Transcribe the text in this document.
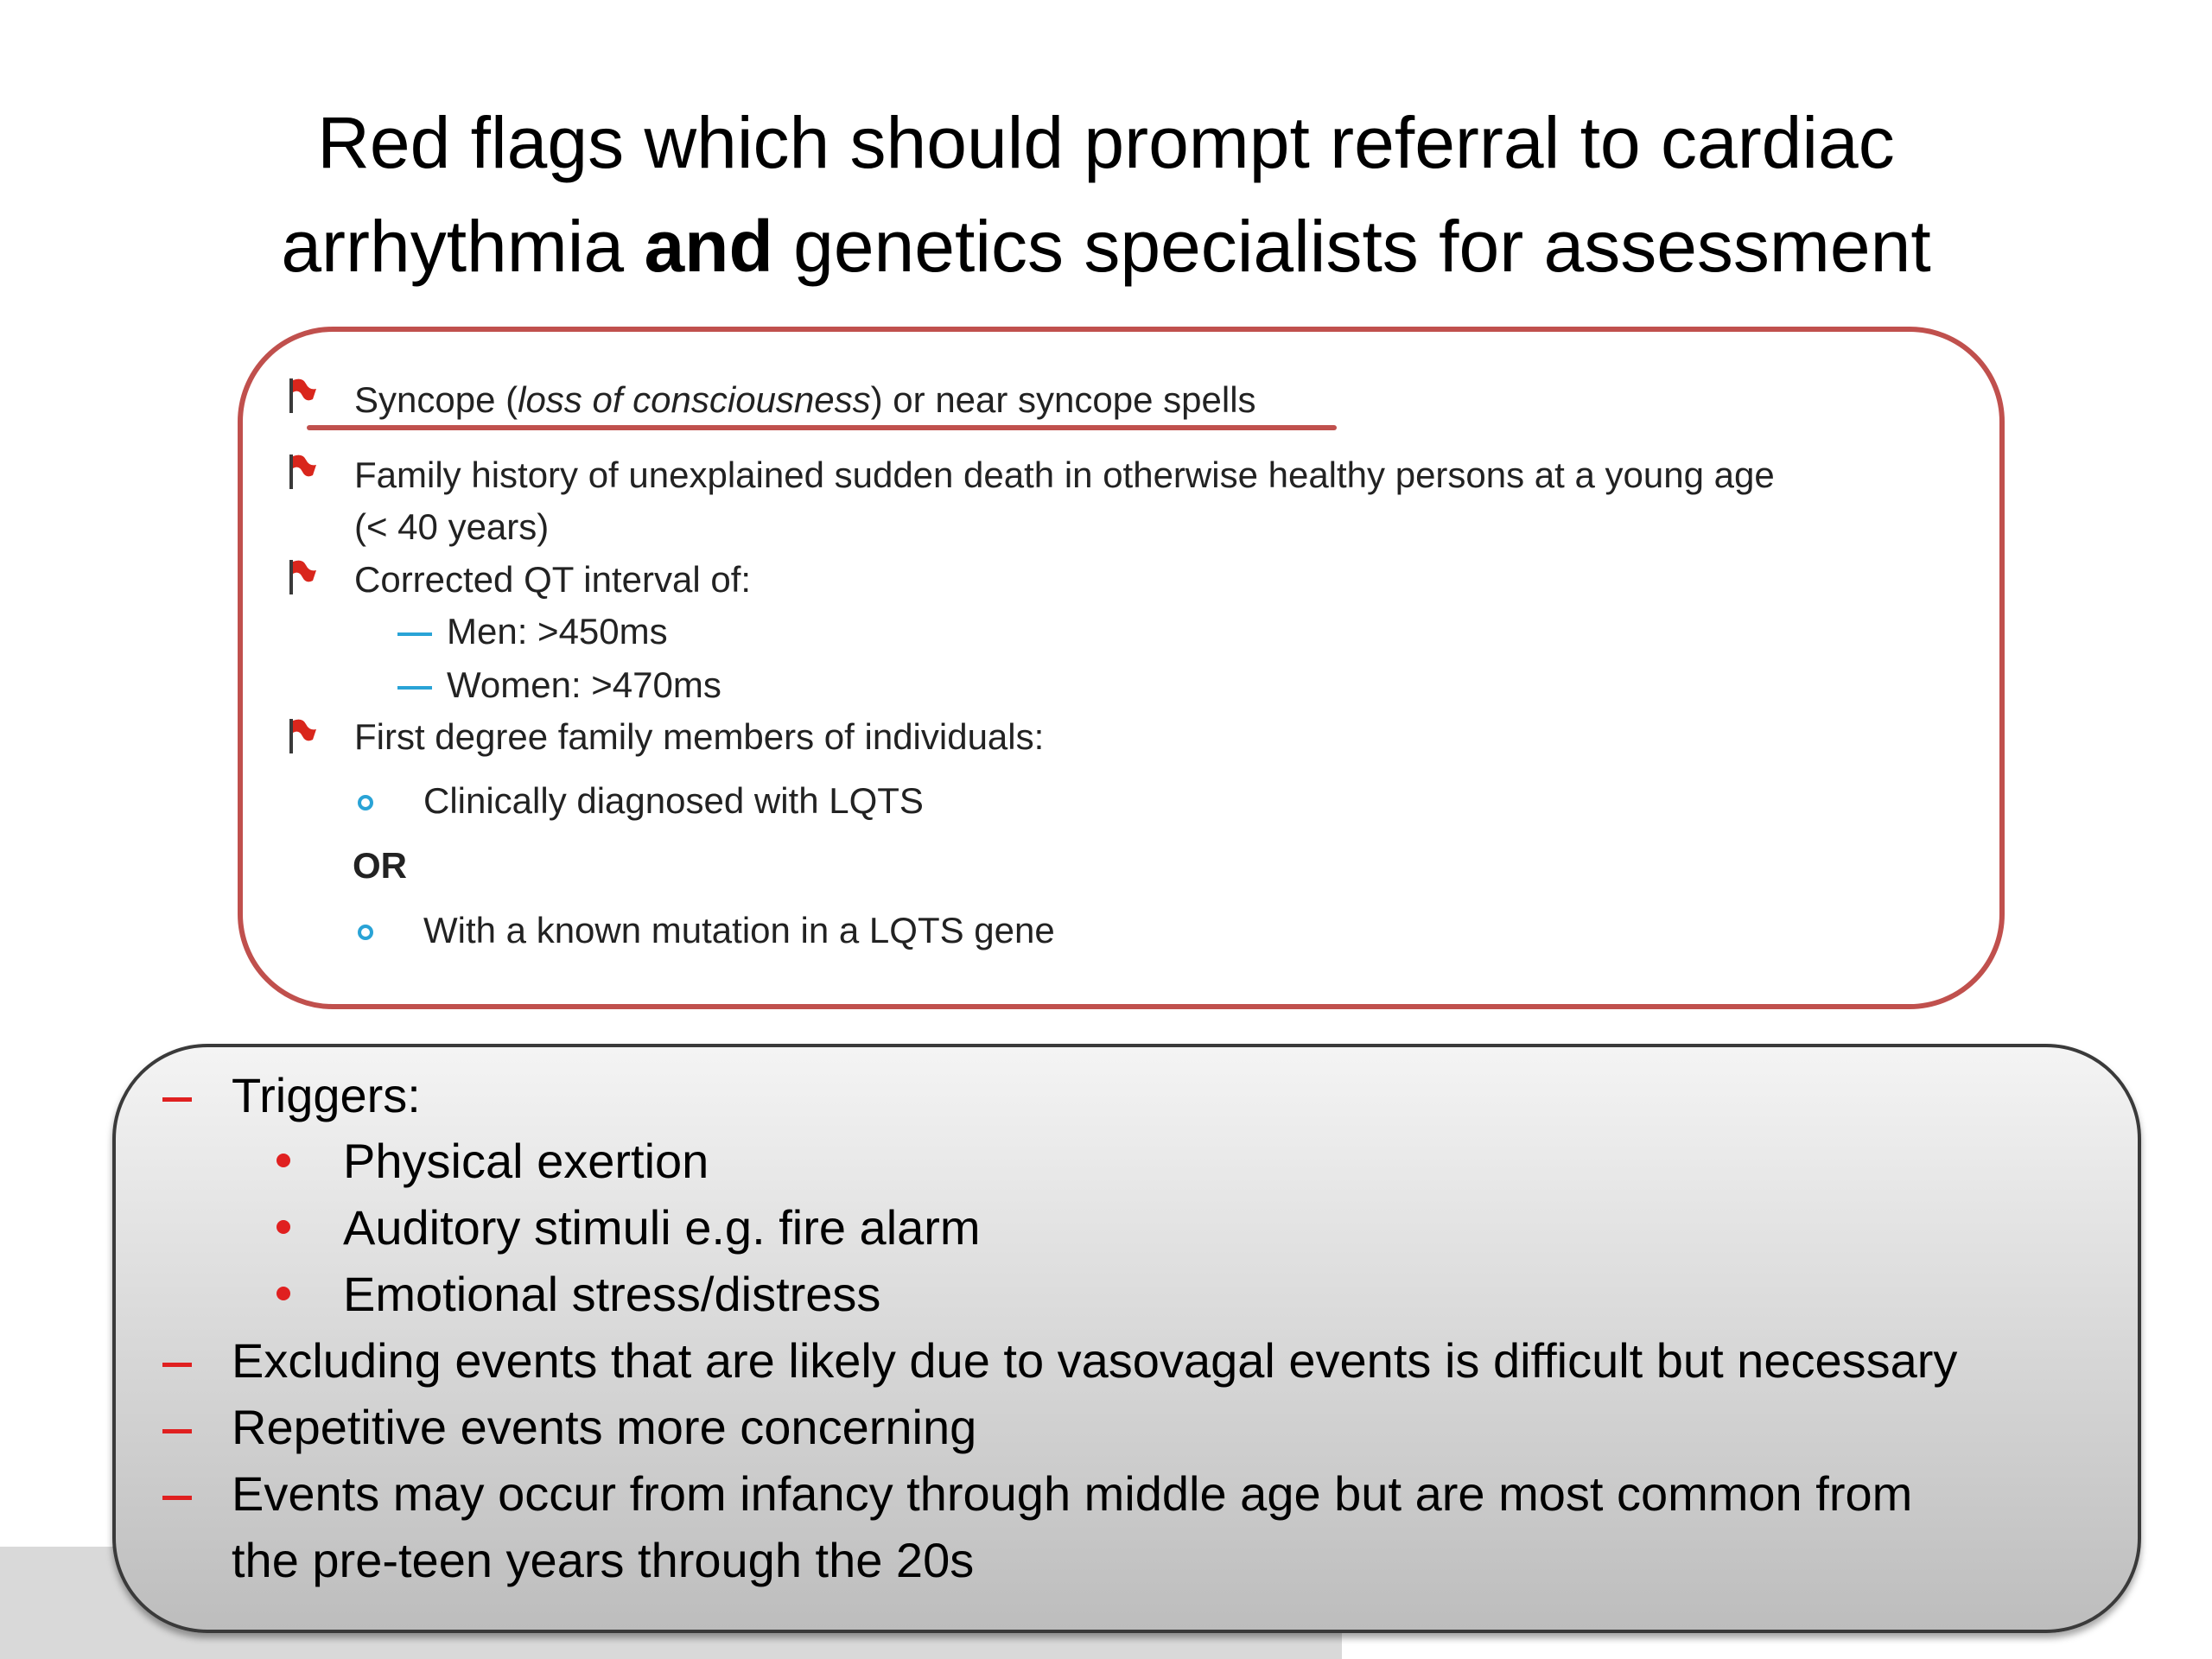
Red flags which should prompt referral to cardiac
arrhythmia and genetics specialists for assessment
Syncope (loss of consciousness) or near syncope spells
Family history of unexplained sudden death in otherwise healthy persons at a young age
(< 40 years)
Corrected QT interval of:
Men: >450ms
Women: >470ms
First degree family members of individuals:
Clinically diagnosed with LQTS
OR
With a known mutation in a LQTS gene
Triggers:
Physical exertion
Auditory stimuli e.g. fire alarm
Emotional stress/distress
Excluding events that are likely due to vasovagal events is difficult but necessary
Repetitive events more concerning
Events may occur from infancy through middle age but are most common from
the pre-teen years through the 20s
